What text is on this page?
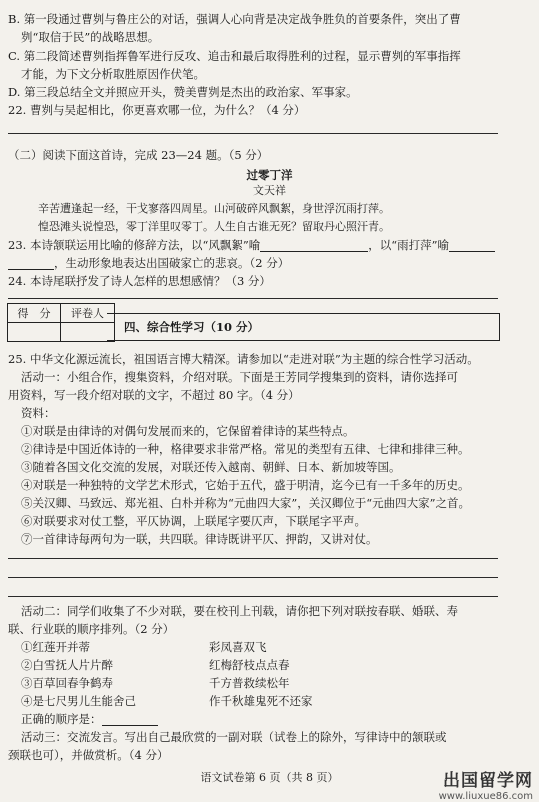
B. 第一段通过曹刿与鲁庄公的对话，强调人心向背是决定战争胜负的首要条件，突出了曹
刿“取信于民”的战略思想。
C. 第二段简述曹刿指挥鲁军进行反攻、追击和最后取得胜利的过程，显示曹刿的军事指挥
才能，为下文分析取胜原因作伏笔。
D. 第三段总结全文并照应开头，赞美曹刿是杰出的政治家、军事家。
22. 曹刿与吴起相比，你更喜欢哪一位，为什么？（4 分）
（二）阅读下面这首诗，完成 23—24 题。（5 分）
过零丁洋
文天祥
辛苦遭逢起一经，干戈寥落四周星。山河破碎风飘絮，身世浮沉雨打萍。
惶恐滩头说惶恐，零丁洋里叹零丁。人生自古谁无死？留取丹心照汗青。
23. 本诗颔联运用比喻的修辞方法，以“风飘絮”喻	，以“雨打萍”喻
，生动形象地表达出国破家亡的悲哀。（2 分）
24. 本诗尾联抒发了诗人怎样的思想感情？（3 分）
得　分	评卷人

四、综合性学习（10 分）
25. 中华文化源远流长，祖国语言博大精深。请参加以“走进对联”为主题的综合性学习活动。
活动一：小组合作，搜集资料，介绍对联。下面是王芳同学搜集到的资料，请你选择可
用资料，写一段介绍对联的文字，不超过 80 字。（4 分）
资料：
①对联是由律诗的对偶句发展而来的，它保留着律诗的某些特点。
②律诗是中国近体诗的一种，格律要求非常严格。常见的类型有五律、七律和排律三种。
③随着各国文化交流的发展，对联还传入越南、朝鲜、日本、新加坡等国。
④对联是一种独特的文学艺术形式，它始于五代，盛于明清，迄今已有一千多年的历史。
⑤关汉卿、马致远、郑光祖、白朴并称为“元曲四大家”，关汉卿位于“元曲四大家”之首。
⑥对联要求对仗工整，平仄协调，上联尾字要仄声，下联尾字平声。
⑦一首律诗每两句为一联，共四联。律诗既讲平仄、押韵，又讲对仗。
活动二：同学们收集了不少对联，要在校刊上刊载，请你把下列对联按春联、婚联、寿
联、行业联的顺序排列。（2 分）
①红莲开并蒂	彩凤喜双飞
②白雪抚人片片醉	红梅舒枝点点春
③百草回春争鹤寿	千方普救续松年
④是七尺男儿生能舍己	作千秋雄鬼死不还家
正确的顺序是：
活动三：交流发言。写出自己最欣赏的一副对联（试卷上的除外，写律诗中的颔联或
颈联也可），并做赏析。（4 分）
语文试卷第 6 页（共 8 页）	出国留学网
www.liuxue86.com
